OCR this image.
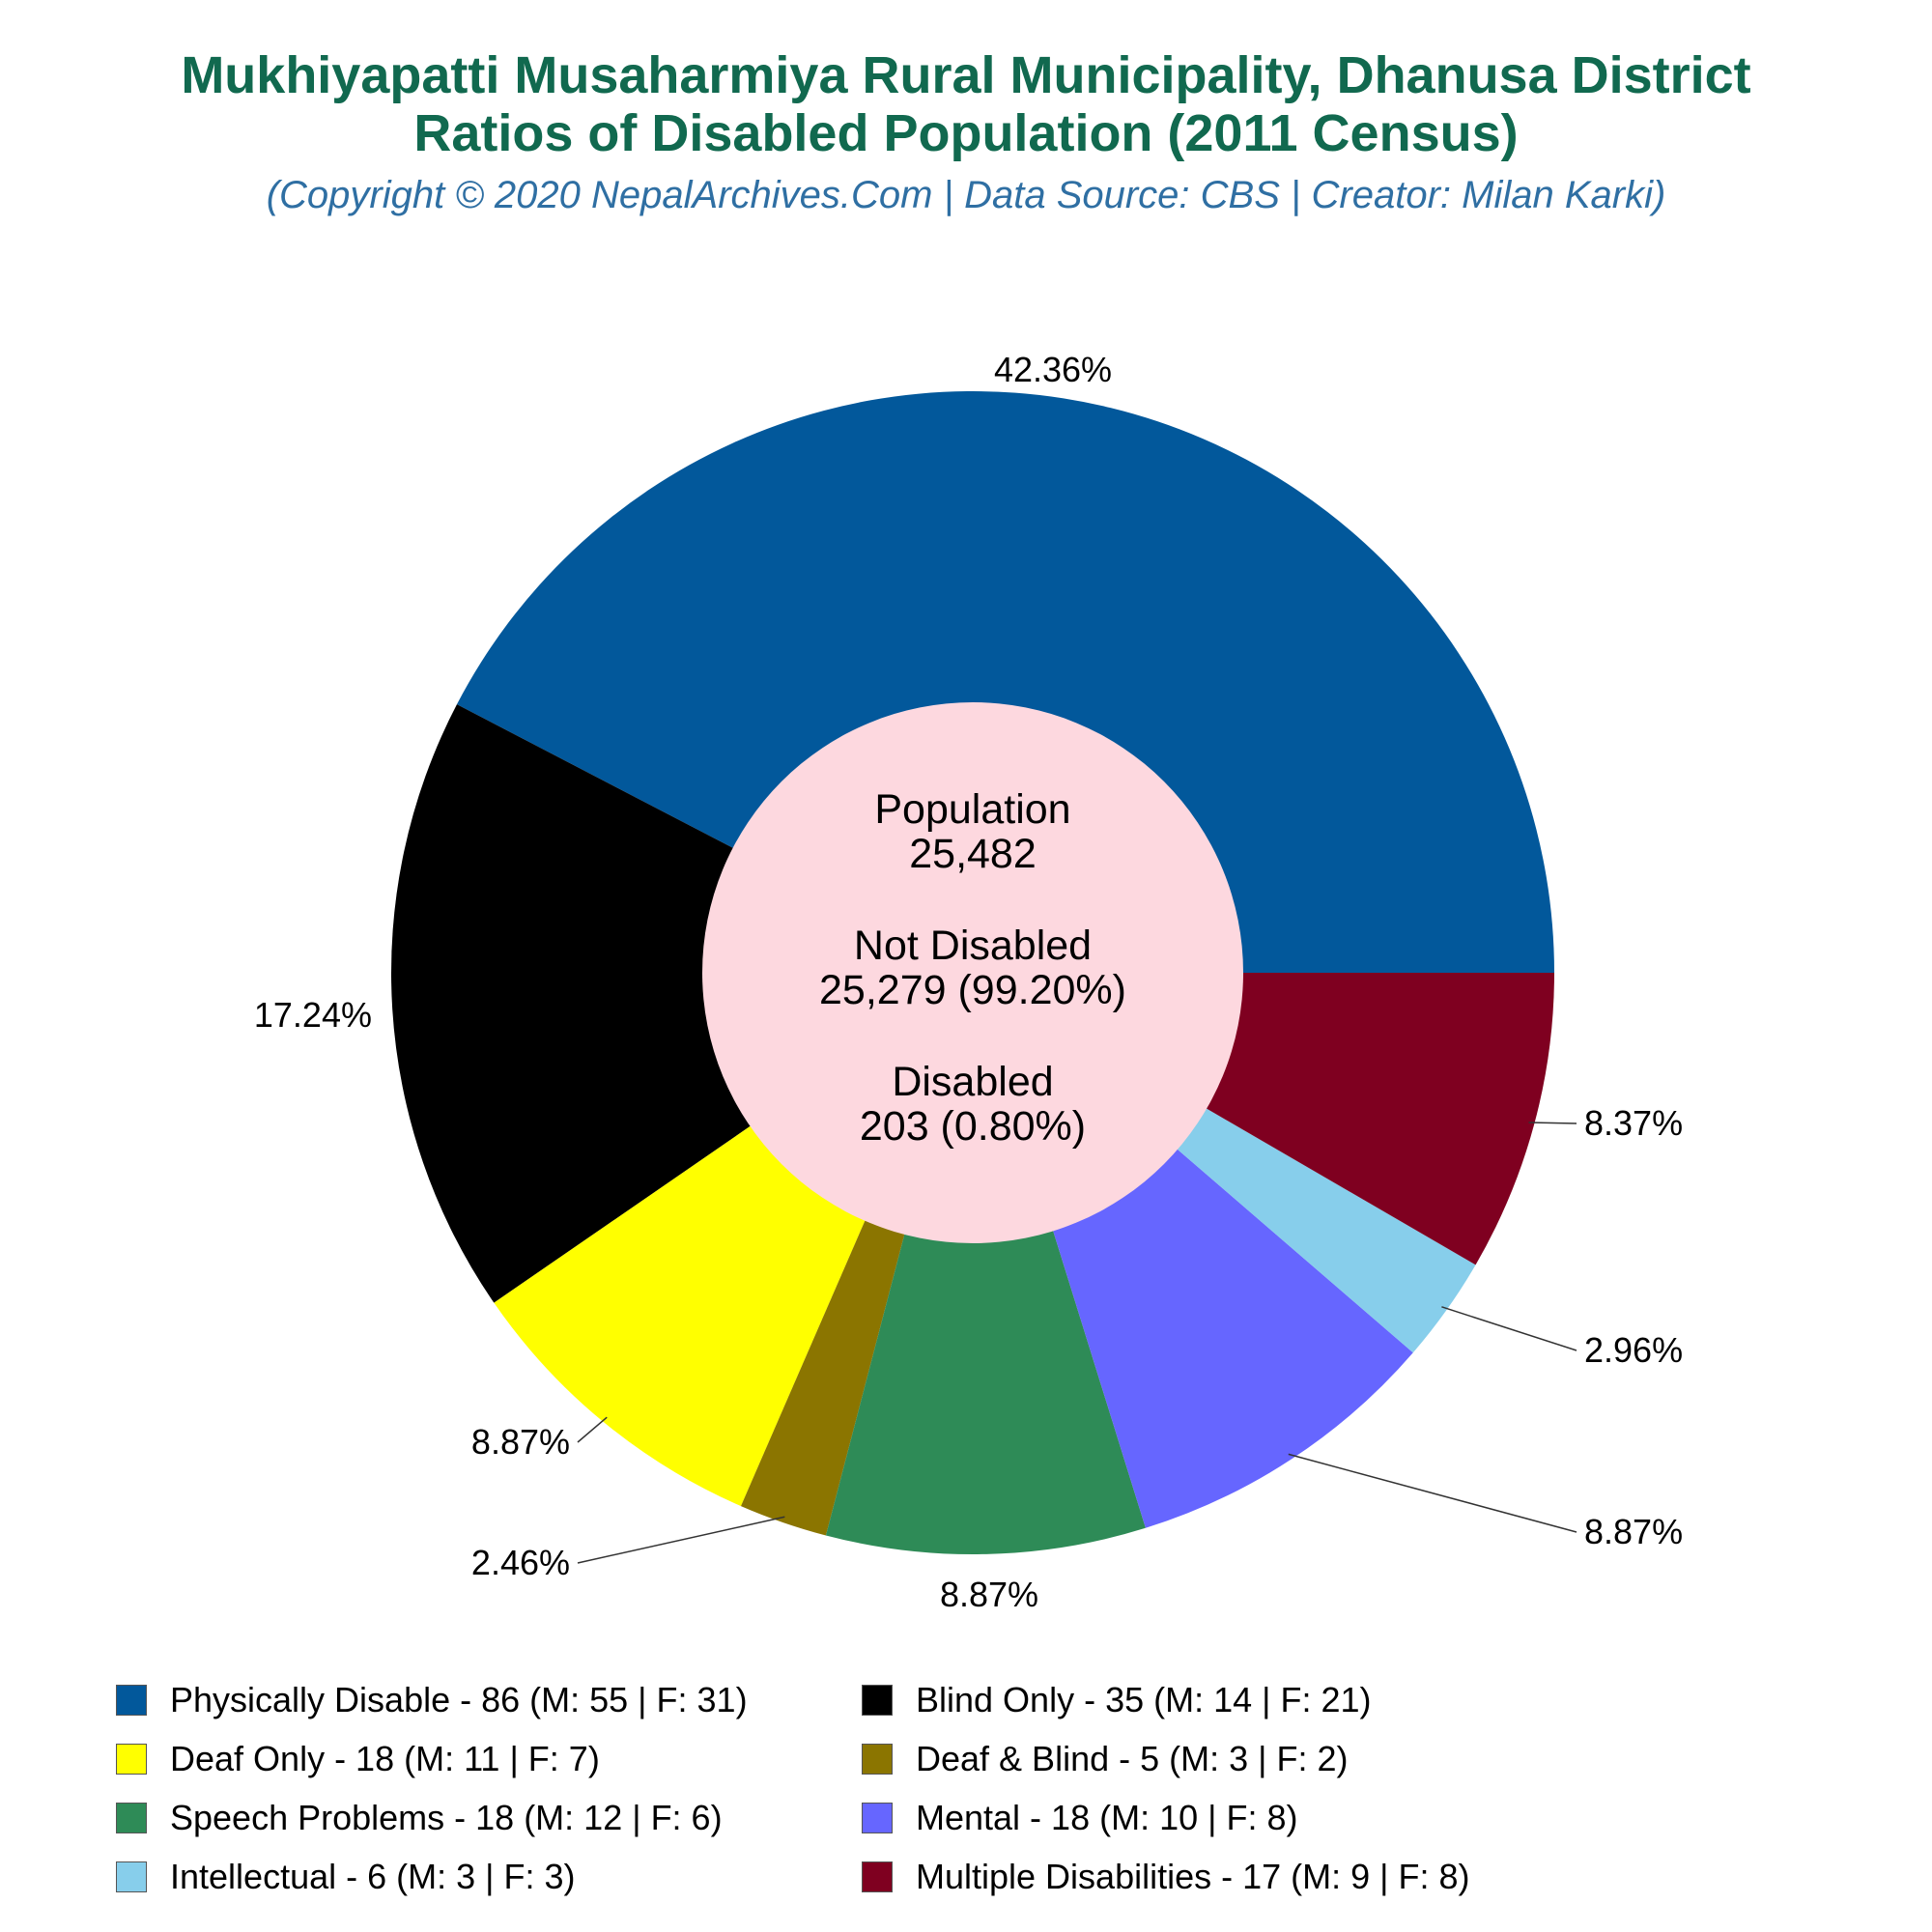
Mukhiyapatti Musaharmiya Rural Municipality, Dhanusa District
Ratios of Disabled Population (2011 Census)
(Copyright © 2020 NepalArchives.Com | Data Source: CBS | Creator: Milan Karki)
42.36%
17.24%
8.87%
2.46%
8.87%
8.87%
2.96%
8.37%
Population
25,482
Not Disabled
25,279 (99.20%)
Disabled
203 (0.80%)
Physically Disable - 86 (M: 55 | F: 31)	Blind Only - 35 (M: 14 | F: 21)
Deaf Only - 18 (M: 11 | F: 7)	Deaf & Blind - 5 (M: 3 | F: 2)
Speech Problems - 18 (M: 12 | F: 6)	Mental - 18 (M: 10 | F: 8)
Intellectual - 6 (M: 3 | F: 3)	Multiple Disabilities - 17 (M: 9 | F: 8)
